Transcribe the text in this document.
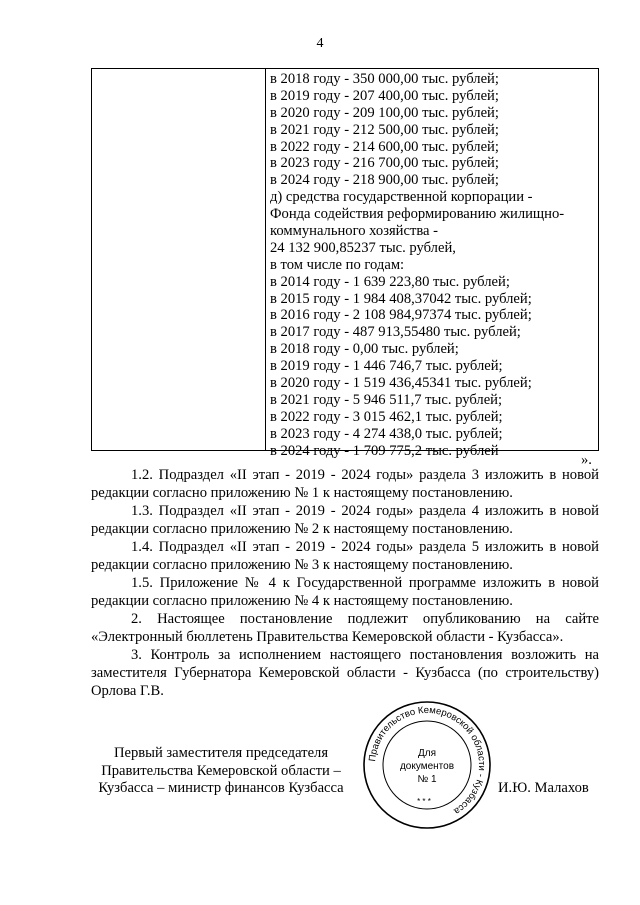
4
в 2018 году - 350 000,00 тыс. рублей;
в 2019 году - 207 400,00 тыс. рублей;
в 2020 году - 209 100,00 тыс. рублей;
в 2021 году - 212 500,00 тыс. рублей;
в 2022 году - 214 600,00 тыс. рублей;
в 2023 году - 216 700,00 тыс. рублей;
в 2024 году - 218 900,00 тыс. рублей;
д) средства государственной корпорации -
Фонда содействия реформированию жилищно-
коммунального хозяйства -
24 132 900,85237 тыс. рублей,
в том числе по годам:
в 2014 году - 1 639 223,80 тыс. рублей;
в 2015 году - 1 984 408,37042 тыс. рублей;
в 2016 году - 2 108 984,97374 тыс. рублей;
в 2017 году - 487 913,55480 тыс. рублей;
в 2018 году - 0,00 тыс. рублей;
в 2019 году - 1 446 746,7 тыс. рублей;
в 2020 году - 1 519 436,45341 тыс. рублей;
в 2021 году - 5 946 511,7 тыс. рублей;
в 2022 году - 3 015 462,1 тыс. рублей;
в 2023 году - 4 274 438,0 тыс. рублей;
в 2024 году - 1 709 775,2 тыс. рублей
».
1.2. Подраздел «II этап - 2019 - 2024 годы» раздела 3 изложить в новой
редакции согласно приложению № 1 к настоящему постановлению.
1.3. Подраздел «II этап - 2019 - 2024 годы» раздела 4 изложить в новой
редакции согласно приложению № 2 к настоящему постановлению.
1.4. Подраздел «II этап - 2019 - 2024 годы» раздела 5 изложить в новой
редакции согласно приложению № 3 к настоящему постановлению.
1.5. Приложение № 4 к Государственной программе изложить в новой
редакции согласно приложению № 4 к настоящему постановлению.
2. Настоящее постановление подлежит опубликованию на сайте
«Электронный бюллетень Правительства Кемеровской области - Кузбасса».
3. Контроль за исполнением настоящего постановления возложить на
заместителя Губернатора Кемеровской области - Кузбасса (по строительству)
Орлова Г.В.
Первый заместителя председателя
Правительства Кемеровской области –
Кузбасса – министр финансов Кузбасса	И.Ю. Малахов
Правительство Кемеровской области - Кузбасса
* * *
Для
документов
№ 1
